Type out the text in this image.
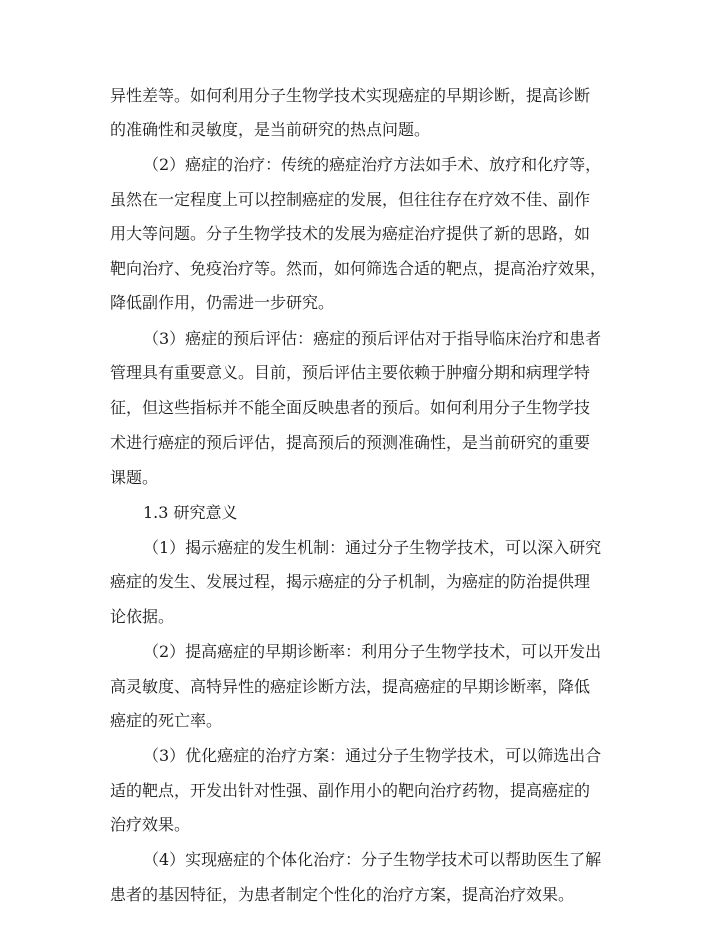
异性差等。如何利用分子生物学技术实现癌症的早期诊断，提高诊断
的准确性和灵敏度，是当前研究的热点问题。
（2）癌症的治疗：传统的癌症治疗方法如手术、放疗和化疗等，
虽然在一定程度上可以控制癌症的发展，但往往存在疗效不佳、副作
用大等问题。分子生物学技术的发展为癌症治疗提供了新的思路，如
靶向治疗、免疫治疗等。然而，如何筛选合适的靶点，提高治疗效果，
降低副作用，仍需进一步研究。
（3）癌症的预后评估：癌症的预后评估对于指导临床治疗和患者
管理具有重要意义。目前，预后评估主要依赖于肿瘤分期和病理学特
征，但这些指标并不能全面反映患者的预后。如何利用分子生物学技
术进行癌症的预后评估，提高预后的预测准确性，是当前研究的重要
课题。
1.3 研究意义
（1）揭示癌症的发生机制：通过分子生物学技术，可以深入研究
癌症的发生、发展过程，揭示癌症的分子机制，为癌症的防治提供理
论依据。
（2）提高癌症的早期诊断率：利用分子生物学技术，可以开发出
高灵敏度、高特异性的癌症诊断方法，提高癌症的早期诊断率，降低
癌症的死亡率。
（3）优化癌症的治疗方案：通过分子生物学技术，可以筛选出合
适的靶点，开发出针对性强、副作用小的靶向治疗药物，提高癌症的
治疗效果。
（4）实现癌症的个体化治疗：分子生物学技术可以帮助医生了解
患者的基因特征，为患者制定个性化的治疗方案，提高治疗效果。
